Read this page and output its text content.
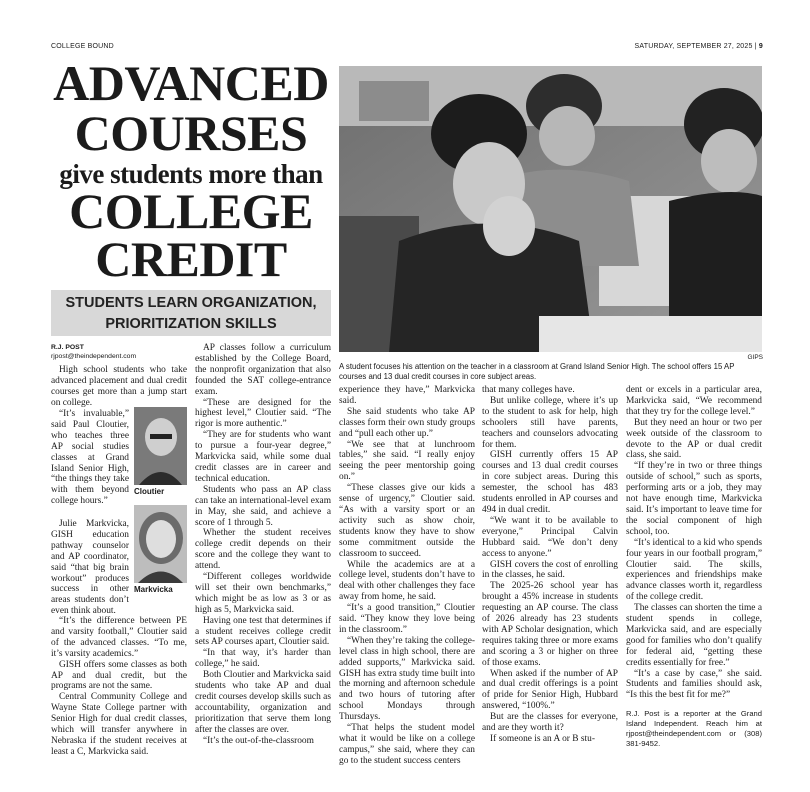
COLLEGE BOUND	SATURDAY, SEPTEMBER 27, 2025 | 9
ADVANCED
COURSES
give students more than
COLLEGE
CREDIT
STUDENTS LEARN ORGANIZATION,
PRIORITIZATION SKILLS
GIPS
A student focuses his attention on the teacher in a classroom at Grand Island Senior High. The school offers 15 AP courses and 13 dual credit courses in core subject areas.
R.J. POST
rjpost@theindependent.com

High school students who take advanced placement and dual credit courses get more than a jump start on college.

“It’s invaluable,” said Paul Cloutier, who teaches three AP social studies classes at Grand Island Senior High, “the things they take with them beyond college hours.”

Julie Markvicka, GISH education pathway counselor and AP coordinator, said “that big brain workout” produces success in other areas students don’t even think about.

“It’s the difference between PE and varsity football,” Cloutier said of the advanced classes. “To me, it’s varsity academics.”

GISH offers some classes as both AP and dual credit, but the programs are not the same.

Central Community College and Wayne State College partner with Senior High for dual credit classes, which will transfer anywhere in Nebraska if the student receives at least a C, Markvicka said.

Cloutier
Markvicka

AP classes follow a curriculum established by the College Board, the nonprofit organization that also founded the SAT college-entrance exam.

“These are designed for the highest level,” Cloutier said. “The rigor is more authentic.”

“They are for students who want to pursue a four-year degree,” Markvicka said, while some dual credit classes are in career and technical education.

Students who pass an AP class can take an international-level exam in May, she said, and achieve a score of 1 through 5.

Whether the student receives college credit depends on their score and the college they want to attend.

“Different colleges worldwide will set their own benchmarks,” which might be as low as 3 or as high as 5, Markvicka said.

Having one test that determines if a student receives college credit sets AP courses apart, Cloutier said.

“In that way, it’s harder than college,” he said.

Both Cloutier and Markvicka said students who take AP and dual credit courses develop skills such as accountability, organization and prioritization that serve them long after the classes are over.

“It’s the out-of-the-classroom

experience they have,” Markvicka said.

She said students who take AP classes form their own study groups and “pull each other up.”

“We see that at lunchroom tables,” she said. “I really enjoy seeing the peer mentorship going on.”

“These classes give our kids a sense of urgency,” Cloutier said. “As with a varsity sport or an activity such as show choir, students know they have to show some commitment outside the classroom to succeed.

While the academics are at a college level, students don’t have to deal with other challenges they face away from home, he said.

“It’s a good transition,” Cloutier said. “They know they love being in the classroom.”

“When they’re taking the college-level class in high school, there are added supports,” Markvicka said. GISH has extra study time built into the morning and afternoon schedule and two hours of tutoring after school Mondays through Thursdays.

“That helps the student model what it would be like on a college campus,” she said, where they can go to the student success centers

that many colleges have.

But unlike college, where it’s up to the student to ask for help, high schoolers still have parents, teachers and counselors advocating for them.

GISH currently offers 15 AP courses and 13 dual credit courses in core subject areas. During this semester, the school has 483 students enrolled in AP courses and 494 in dual credit.

“We want it to be available to everyone,” Principal Calvin Hubbard said. “We don’t deny access to anyone.”

GISH covers the cost of enrolling in the classes, he said.

The 2025-26 school year has brought a 45% increase in students requesting an AP course. The class of 2026 already has 23 students with AP Scholar designation, which requires taking three or more exams and scoring a 3 or higher on three of those exams.

When asked if the number of AP and dual credit offerings is a point of pride for Senior High, Hubbard answered, “100%.”

But are the classes for everyone, and are they worth it?

If someone is an A or B stu-

dent or excels in a particular area, Markvicka said, “We recommend that they try for the college level.”

But they need an hour or two per week outside of the classroom to devote to the AP or dual credit class, she said.

“If they’re in two or three things outside of school,” such as sports, performing arts or a job, they may not have enough time, Markvicka said. It’s important to leave time for the social component of high school, too.

“It’s identical to a kid who spends four years in our football program,” Cloutier said. The skills, experiences and friendships make advance classes worth it, regardless of the college credit.

The classes can shorten the time a student spends in college, Markvicka said, and are especially good for families who don’t qualify for federal aid, “getting these credits essentially for free.”

“It’s a case by case,” she said. Students and families should ask, “Is this the best fit for me?”

R.J. Post is a reporter at the Grand Island Independent. Reach him at rjpost@theindependent.com or (308) 381-9452.
